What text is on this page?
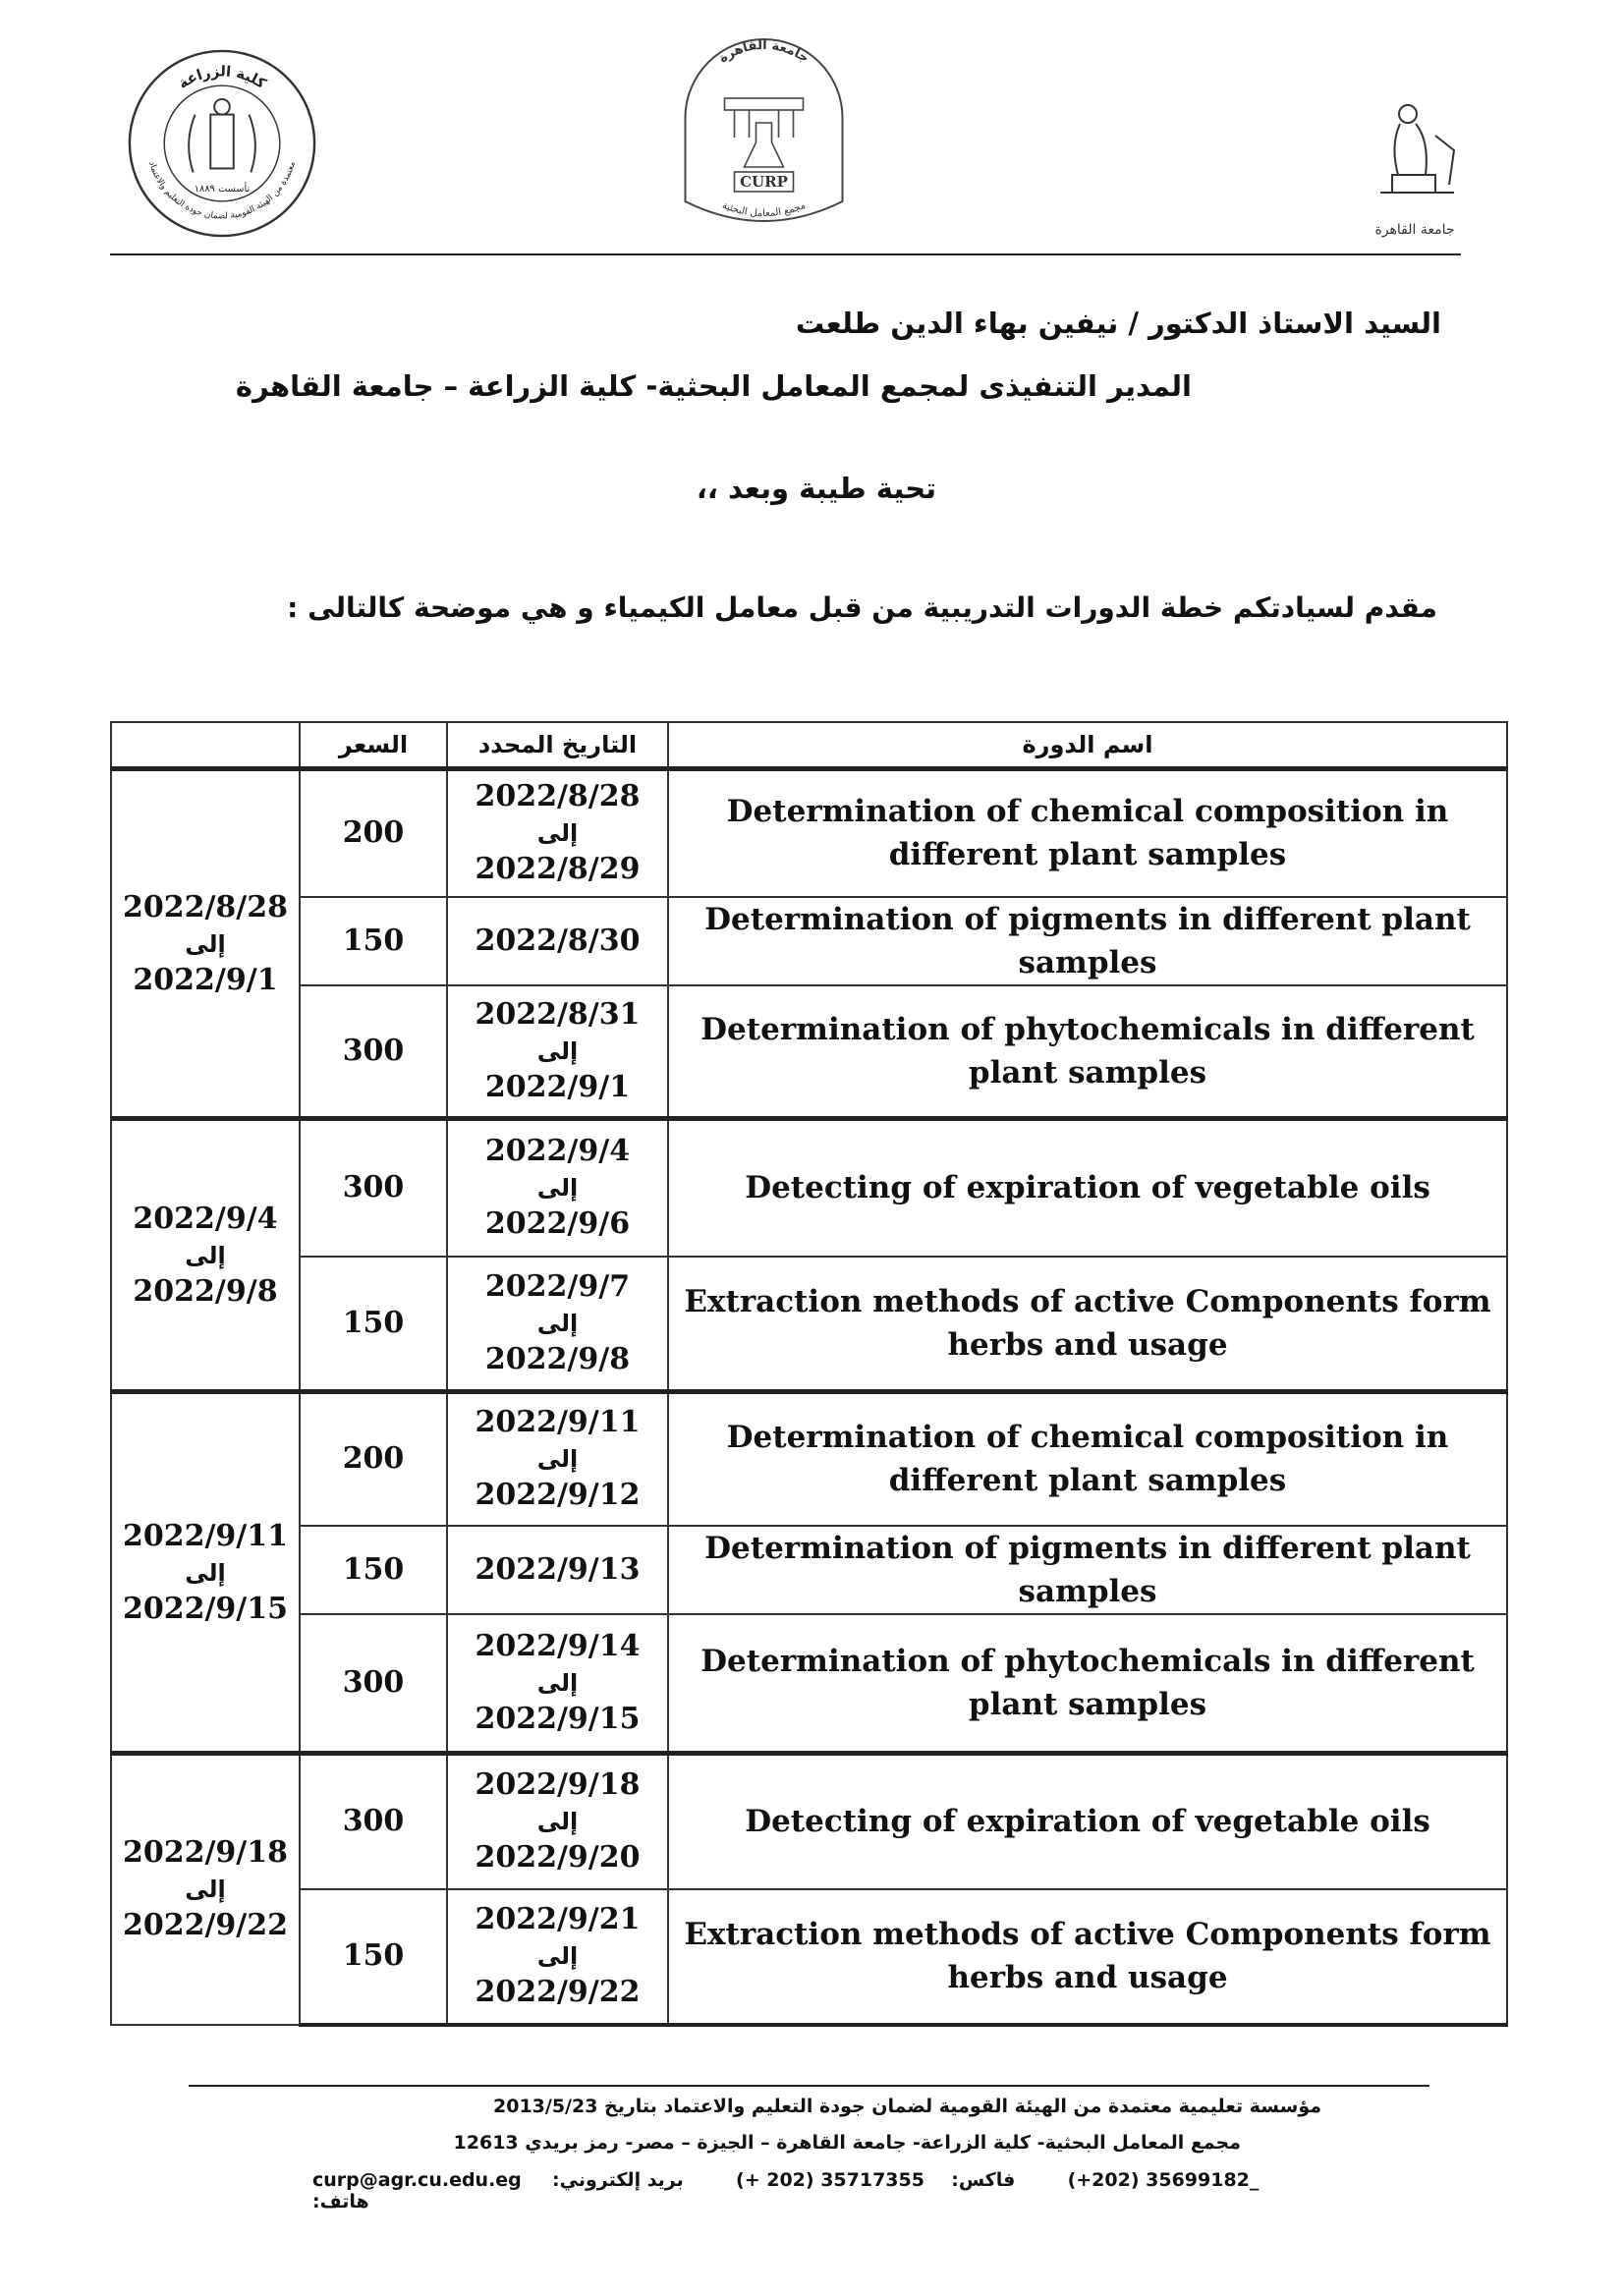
كلية الزراعة
معتمدة من الهيئة القومية لضمان جودة التعليم والاعتماد
تأسست ١٨٨٩
جامعة القاهرة
CURP
مجمع المعامل البحثية
جامعة القاهرة
السيد الاستاذ الدكتور / نيفين بهاء الدين طلعت
المدير التنفيذى لمجمع المعامل البحثية- كلية الزراعة – جامعة القاهرة
تحية طيبة وبعد ،،
مقدم لسيادتكم خطة الدورات التدريبية من قبل معامل الكيمياء و هي موضحة كالتالى :
	السعر	التاريخ المحدد	اسم الدورة
2022/8/28
إلى
2022/9/1	200	2022/8/28
إلى
2022/8/29	Determination of chemical composition in different plant samples
	150	2022/8/30	Determination of pigments in different plant samples
	300	2022/8/31
إلى
2022/9/1	Determination of phytochemicals in different plant samples
2022/9/4
إلى
2022/9/8	300	2022/9/4
إلى
2022/9/6	Detecting of expiration of vegetable oils
	150	2022/9/7
إلى
2022/9/8	Extraction methods of active Components form herbs and usage
2022/9/11
إلى
2022/9/15	200	2022/9/11
إلى
2022/9/12	Determination of chemical composition in different plant samples
	150	2022/9/13	Determination of pigments in different plant samples
	300	2022/9/14
إلى
2022/9/15	Determination of phytochemicals in different plant samples
2022/9/18
إلى
2022/9/22	300	2022/9/18
إلى
2022/9/20	Detecting of expiration of vegetable oils
	150	2022/9/21
إلى
2022/9/22	Extraction methods of active Components form herbs and usage
مؤسسة تعليمية معتمدة من الهيئة القومية لضمان جودة التعليم والاعتماد بتاريخ 2013/5/23
مجمع المعامل البحثية- كلية الزراعة- جامعة القاهرة – الجيزة – مصر- رمز بريدي 12613
curp@agr.cu.edu.eg بريد إلكتروني:	(+ 202) 35717355 فاكس:	(+202) 35699182_  هاتف:
